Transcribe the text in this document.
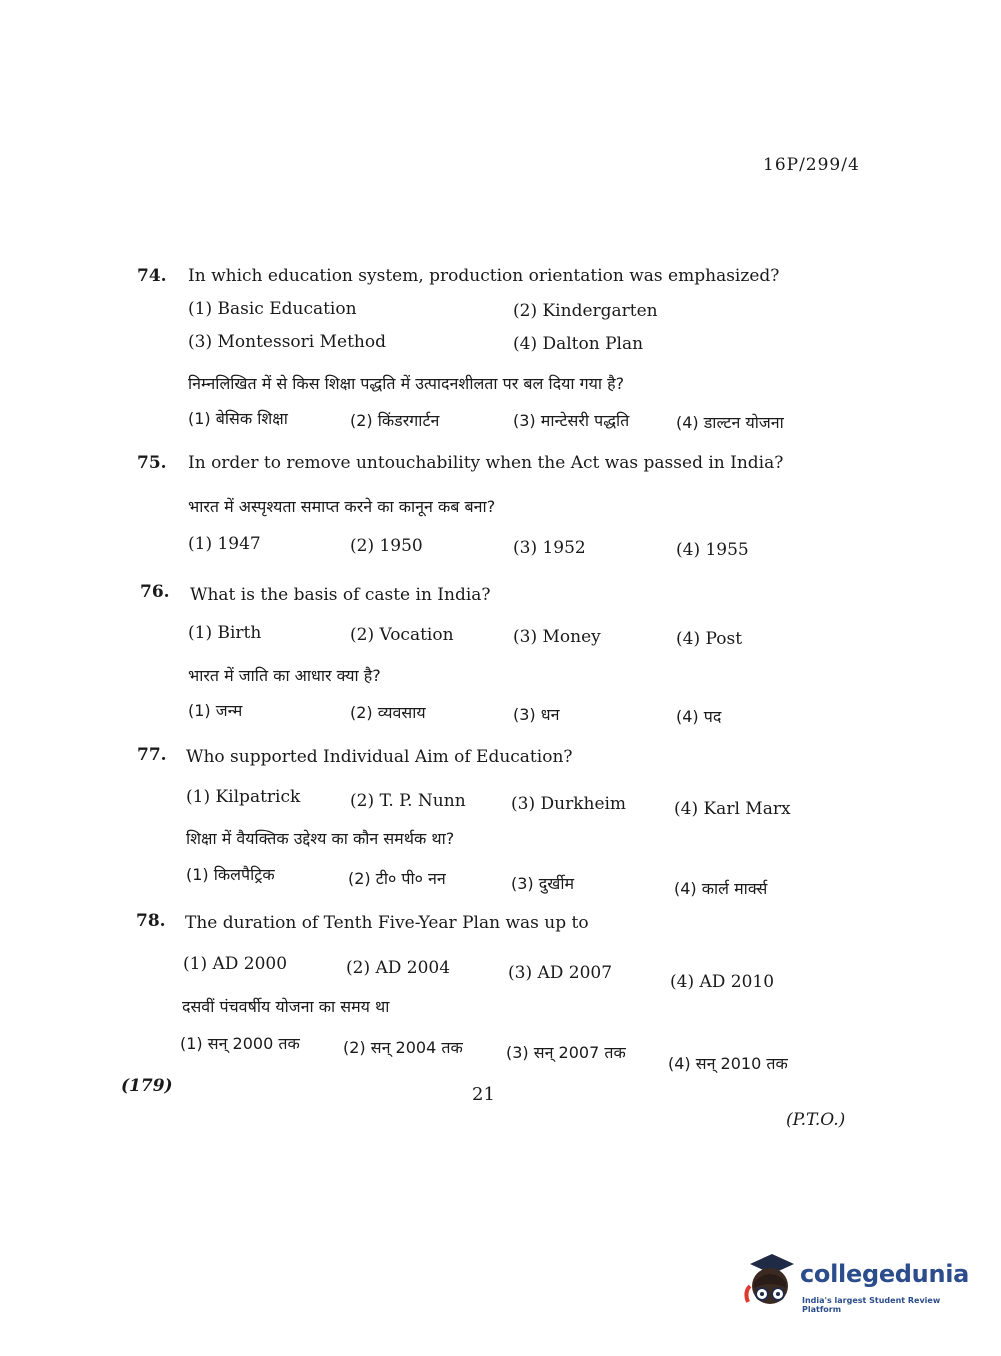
16P/299/4
74. In which education system, production orientation was emphasized?
(1) Basic Education	(2) Kindergarten
(3) Montessori Method	(4) Dalton Plan
निम्नलिखित में से किस शिक्षा पद्धति में उत्पादनशीलता पर बल दिया गया है?
(1) बेसिक शिक्षा	(2) किंडरगार्टन	(3) मान्टेसरी पद्धति	(4) डाल्टन योजना
75. In order to remove untouchability when the Act was passed in India?
भारत में अस्पृश्यता समाप्त करने का कानून कब बना?
(1) 1947	(2) 1950	(3) 1952	(4) 1955
76. What is the basis of caste in India?
(1) Birth	(2) Vocation	(3) Money	(4) Post
भारत में जाति का आधार क्या है?
(1) जन्म	(2) व्यवसाय	(3) धन	(4) पद
77. Who supported Individual Aim of Education?
(1) Kilpatrick	(2) T. P. Nunn	(3) Durkheim	(4) Karl Marx
शिक्षा में वैयक्तिक उद्देश्य का कौन समर्थक था?
(1) किलपैट्रिक	(2) टी० पी० नन	(3) दुर्खीम	(4) कार्ल मार्क्स
78. The duration of Tenth Five-Year Plan was up to
(1) AD 2000	(2) AD 2004	(3) AD 2007	(4) AD 2010
दसवीं पंचवर्षीय योजना का समय था
(1) सन् 2000 तक	(2) सन् 2004 तक	(3) सन् 2007 तक
(4) सन् 2010 तक
(179)	21
(P.T.O.)
collegedunia
India's largest Student Review Platform
